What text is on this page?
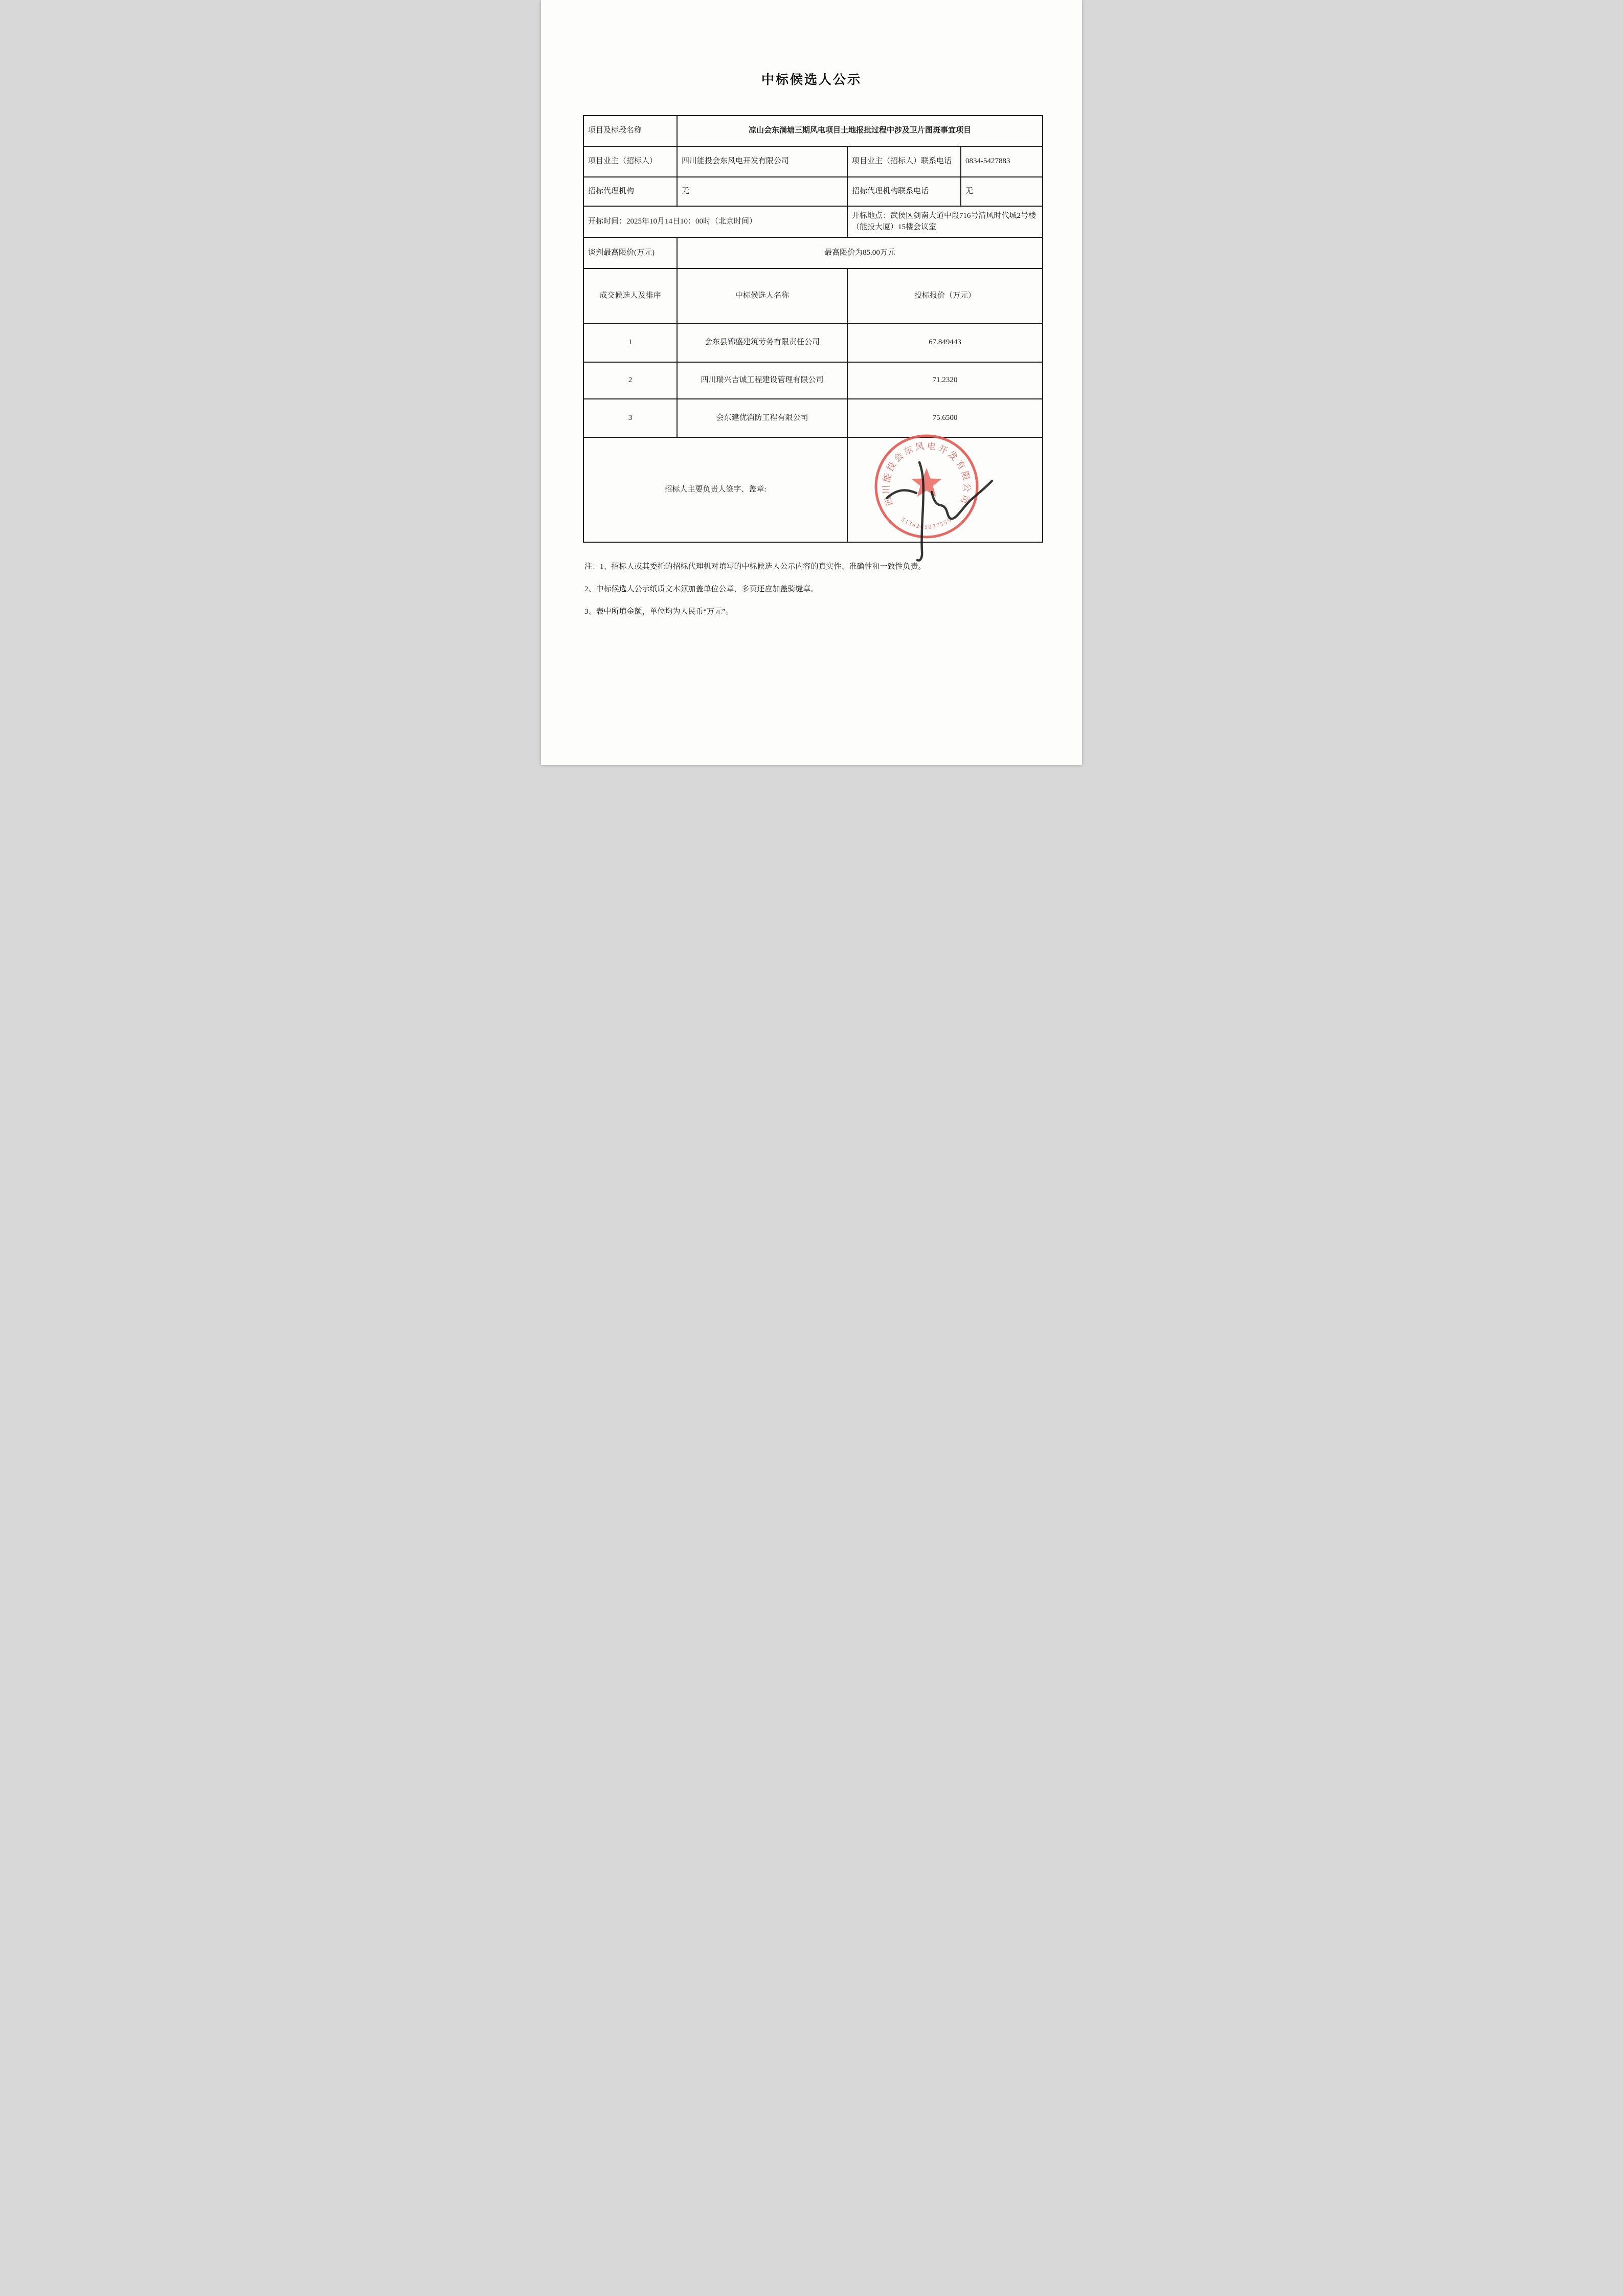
中标候选人公示
项目及标段名称	凉山会东淌塘三期风电项目土地报批过程中涉及卫片图斑事宜项目		
项目业主（招标人）	四川能投会东风电开发有限公司	项目业主（招标人）联系电话	0834-5427883
招标代理机构	无	招标代理机构联系电话	无
开标时间：2025年10月14日10：00时（北京时间）		开标地点：武侯区剑南大道中段716号清风时代城2号楼（能投大厦）15楼会议室	
谈判最高限价(万元)	最高限价为85.00万元		
成交候选人及排序	中标候选人名称	投标报价（万元）	
1	会东县锦盛建筑劳务有限责任公司	67.849443	
2	四川瑞兴吉诚工程建设管理有限公司	71.2320	
3	会东建优消防工程有限公司	75.6500	
招标人主要负责人签字、盖章:			
四川能投会东风电开发有限公司
5134265037555

注：1、招标人或其委托的招标代理机对填写的中标候选人公示内容的真实性、准确性和一致性负责。

2、中标候选人公示纸质文本须加盖单位公章，多页还应加盖骑缝章。

3、表中所填金额，单位均为人民币“万元”。
